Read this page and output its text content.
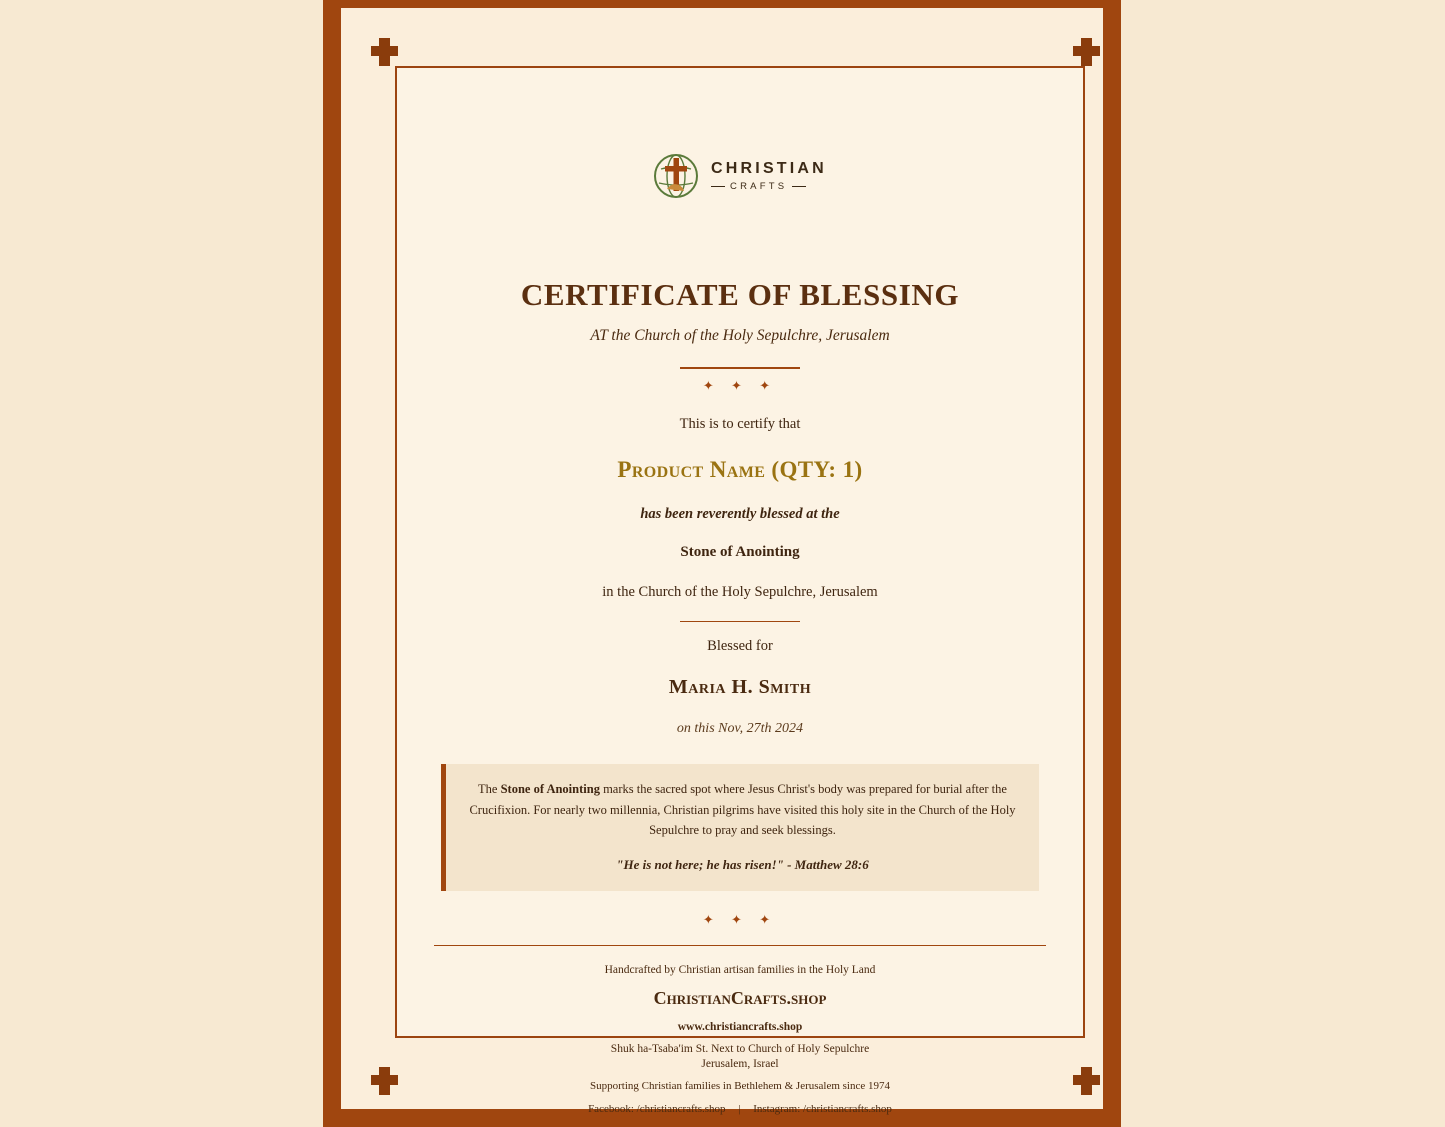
CHRISTIAN
CRAFTS
CERTIFICATE OF BLESSING
AT the Church of the Holy Sepulchre, Jerusalem
✦ ✦ ✦
This is to certify that
Product Name (QTY: 1)
has been reverently blessed at the
Stone of Anointing
in the Church of the Holy Sepulchre, Jerusalem
Blessed for
Maria H. Smith
on this Nov, 27th 2024
The Stone of Anointing marks the sacred spot where Jesus Christ's body was prepared for burial after the Crucifixion. For nearly two millennia, Christian pilgrims have visited this holy site in the Church of the Holy Sepulchre to pray and seek blessings.
"He is not here; he has risen!" - Matthew 28:6
✦ ✦ ✦
Handcrafted by Christian artisan families in the Holy Land
ChristianCrafts.shop
www.christiancrafts.shop
Shuk ha-Tsaba'im St. Next to Church of Holy Sepulchre
Jerusalem, Israel
Supporting Christian families in Bethlehem & Jerusalem since 1974
Facebook: /christiancrafts.shop | Instagram: /christiancrafts.shop
